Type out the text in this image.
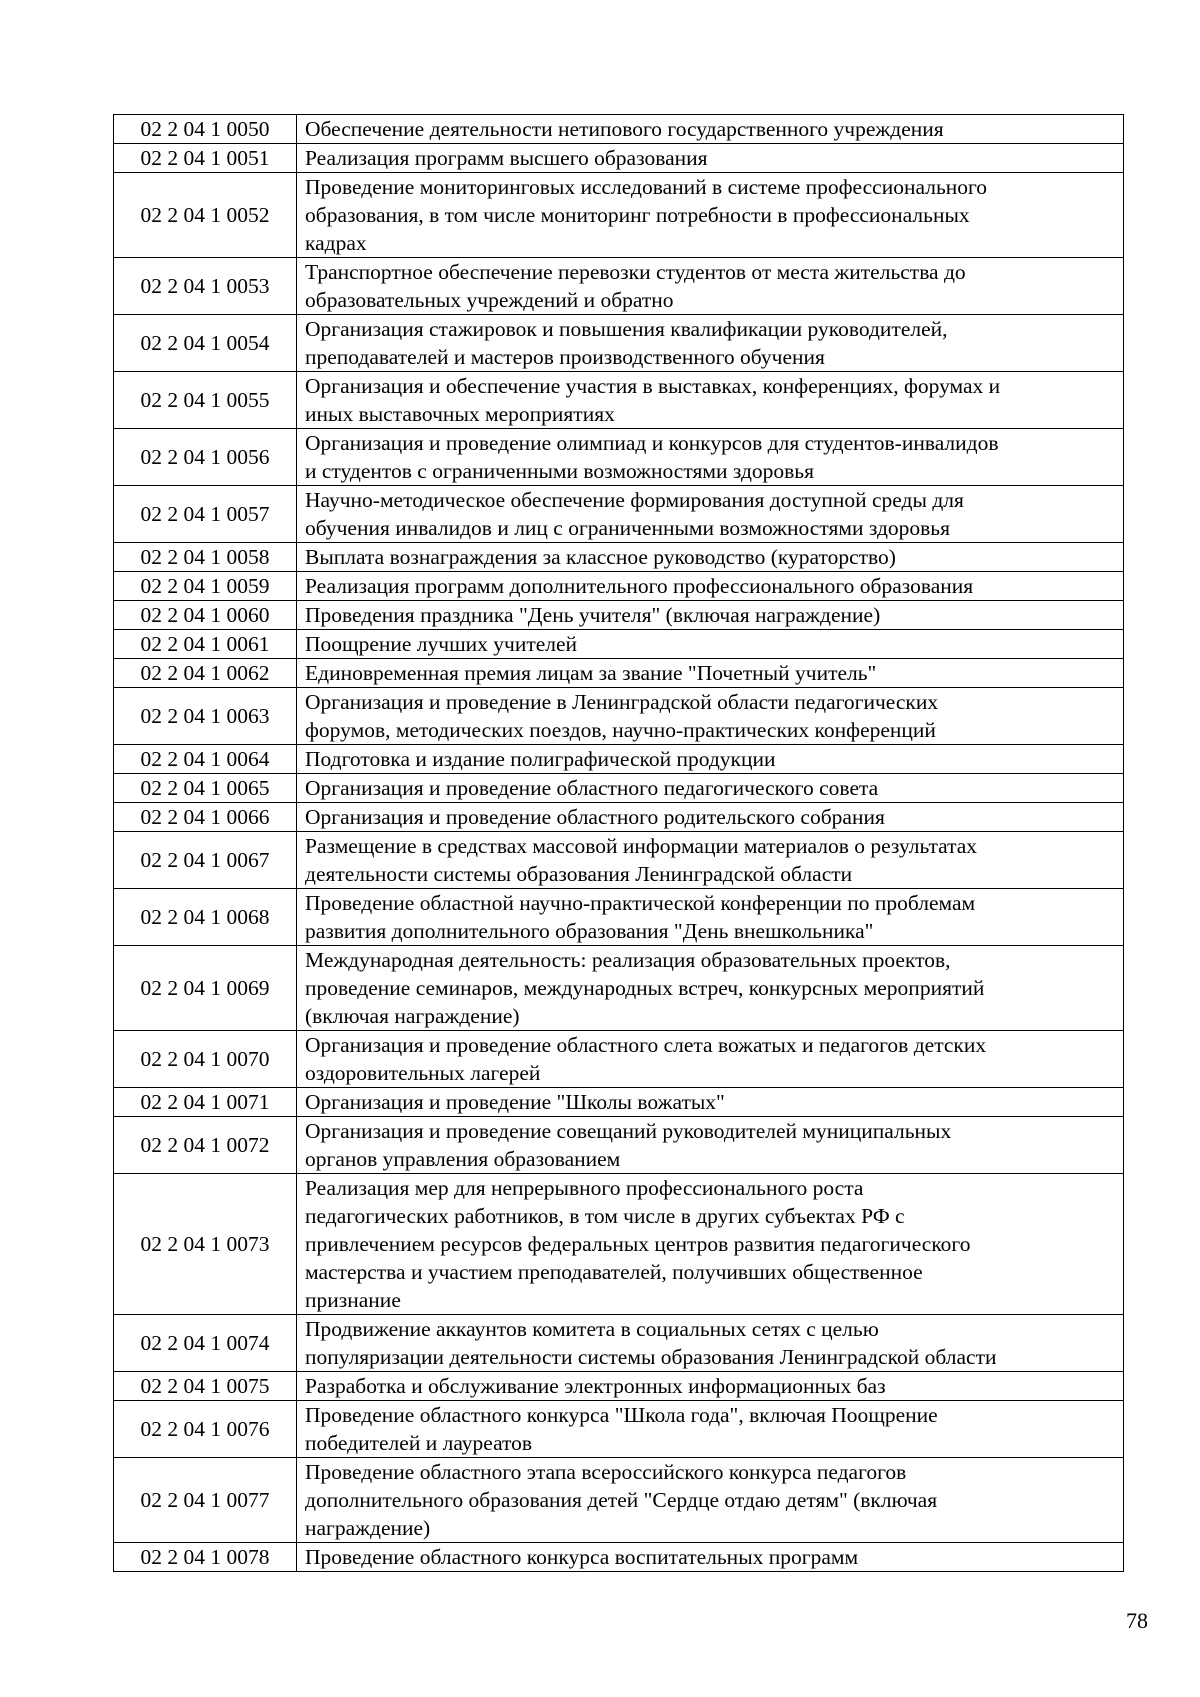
02 2 04 1 0050	Обеспечение деятельности нетипового государственного учреждения

02 2 04 1 0051	Реализация программ высшего образования

02 2 04 1 0052	Проведение мониторинговых исследований в системе профессионального
образования, в том числе мониторинг потребности в профессиональных
кадрах

02 2 04 1 0053	Транспортное обеспечение перевозки студентов от места жительства до
образовательных учреждений и обратно

02 2 04 1 0054	Организация стажировок и повышения квалификации руководителей,
преподавателей и мастеров производственного обучения

02 2 04 1 0055	Организация и обеспечение участия в выставках, конференциях, форумах и
иных выставочных мероприятиях

02 2 04 1 0056	Организация и проведение олимпиад и конкурсов для студентов-инвалидов
и студентов с ограниченными возможностями здоровья

02 2 04 1 0057	Научно-методическое обеспечение формирования доступной среды для
обучения инвалидов и лиц с ограниченными возможностями здоровья

02 2 04 1 0058	Выплата вознаграждения за классное руководство (кураторство)

02 2 04 1 0059	Реализация программ дополнительного профессионального образования

02 2 04 1 0060	Проведения праздника "День учителя" (включая награждение)

02 2 04 1 0061	Поощрение лучших учителей

02 2 04 1 0062	Единовременная премия лицам за звание "Почетный учитель"

02 2 04 1 0063	Организация и проведение в Ленинградской области педагогических
форумов, методических поездов, научно-практических конференций

02 2 04 1 0064	Подготовка и издание полиграфической продукции

02 2 04 1 0065	Организация и проведение областного педагогического совета

02 2 04 1 0066	Организация и проведение областного родительского собрания

02 2 04 1 0067	Размещение в средствах массовой информации материалов о результатах
деятельности системы образования Ленинградской области

02 2 04 1 0068	Проведение областной научно-практической конференции по проблемам
развития дополнительного образования "День внешкольника"

02 2 04 1 0069	Международная деятельность: реализация образовательных проектов,
проведение семинаров, международных встреч, конкурсных мероприятий
(включая награждение)

02 2 04 1 0070	Организация и проведение областного слета вожатых и педагогов детских
оздоровительных лагерей

02 2 04 1 0071	Организация и проведение "Школы вожатых"

02 2 04 1 0072	Организация и проведение совещаний руководителей муниципальных
органов управления образованием

02 2 04 1 0073	Реализация мер для непрерывного профессионального роста
педагогических работников, в том числе в других субъектах РФ с
привлечением ресурсов федеральных центров развития педагогического
мастерства и участием преподавателей, получивших общественное
признание

02 2 04 1 0074	Продвижение аккаунтов комитета в социальных сетях с целью
популяризации деятельности системы образования Ленинградской области

02 2 04 1 0075	Разработка и обслуживание электронных информационных баз

02 2 04 1 0076	Проведение областного конкурса "Школа года", включая Поощрение
победителей и лауреатов

02 2 04 1 0077	Проведение областного этапа всероссийского конкурса педагогов
дополнительного образования детей "Сердце отдаю детям" (включая
награждение)

02 2 04 1 0078	Проведение областного конкурса воспитательных программ
78
